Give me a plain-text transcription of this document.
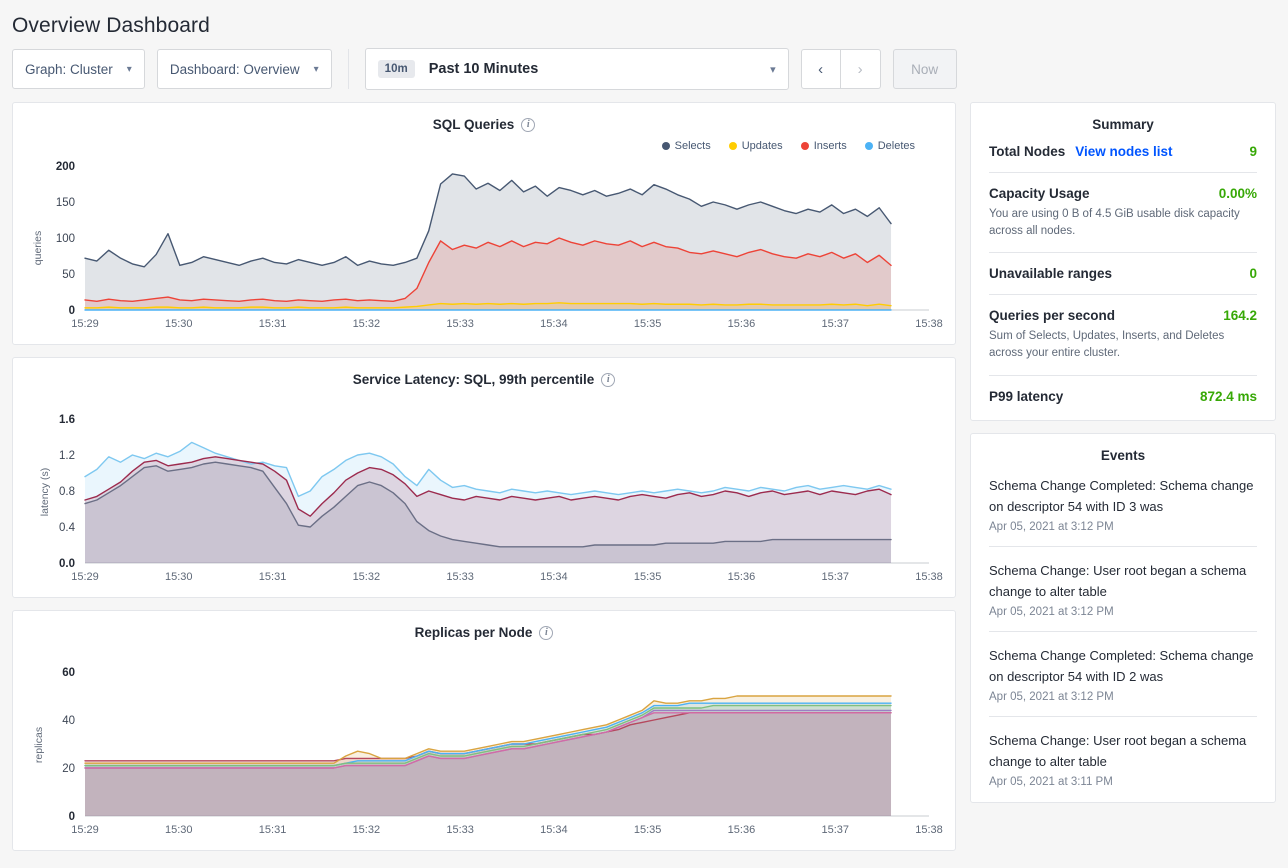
Overview Dashboard
Graph: Cluster ▾	Dashboard: Overview ▾	10m	Past 10 Minutes	▾	‹	›	Now
SQL Queries	i
Selects	Updates	Inserts	Deletes
queries
200
150
100
50
0
15:29	15:30	15:31	15:32	15:33	15:34	15:35	15:36	15:37	15:38
Service Latency: SQL, 99th percentile	i
latency (s)
1.6
1.2
0.8
0.4
0.0
15:29	15:30	15:31	15:32	15:33	15:34	15:35	15:36	15:37	15:38
Replicas per Node	i
replicas
60
40
20
0
15:29	15:30	15:31	15:32	15:33	15:34	15:35	15:36	15:37	15:38
Summary
Total Nodes View nodes list	9
Capacity Usage	0.00%
You are using 0 B of 4.5 GiB usable disk capacity across all nodes.
Unavailable ranges	0
Queries per second	164.2
Sum of Selects, Updates, Inserts, and Deletes across your entire cluster.
P99 latency	872.4 ms
Events
Schema Change Completed: Schema change on descriptor 54 with ID 3 was
Apr 05, 2021 at 3:12 PM
Schema Change: User root began a schema change to alter table
Apr 05, 2021 at 3:12 PM
Schema Change Completed: Schema change on descriptor 54 with ID 2 was
Apr 05, 2021 at 3:12 PM
Schema Change: User root began a schema change to alter table
Apr 05, 2021 at 3:11 PM
